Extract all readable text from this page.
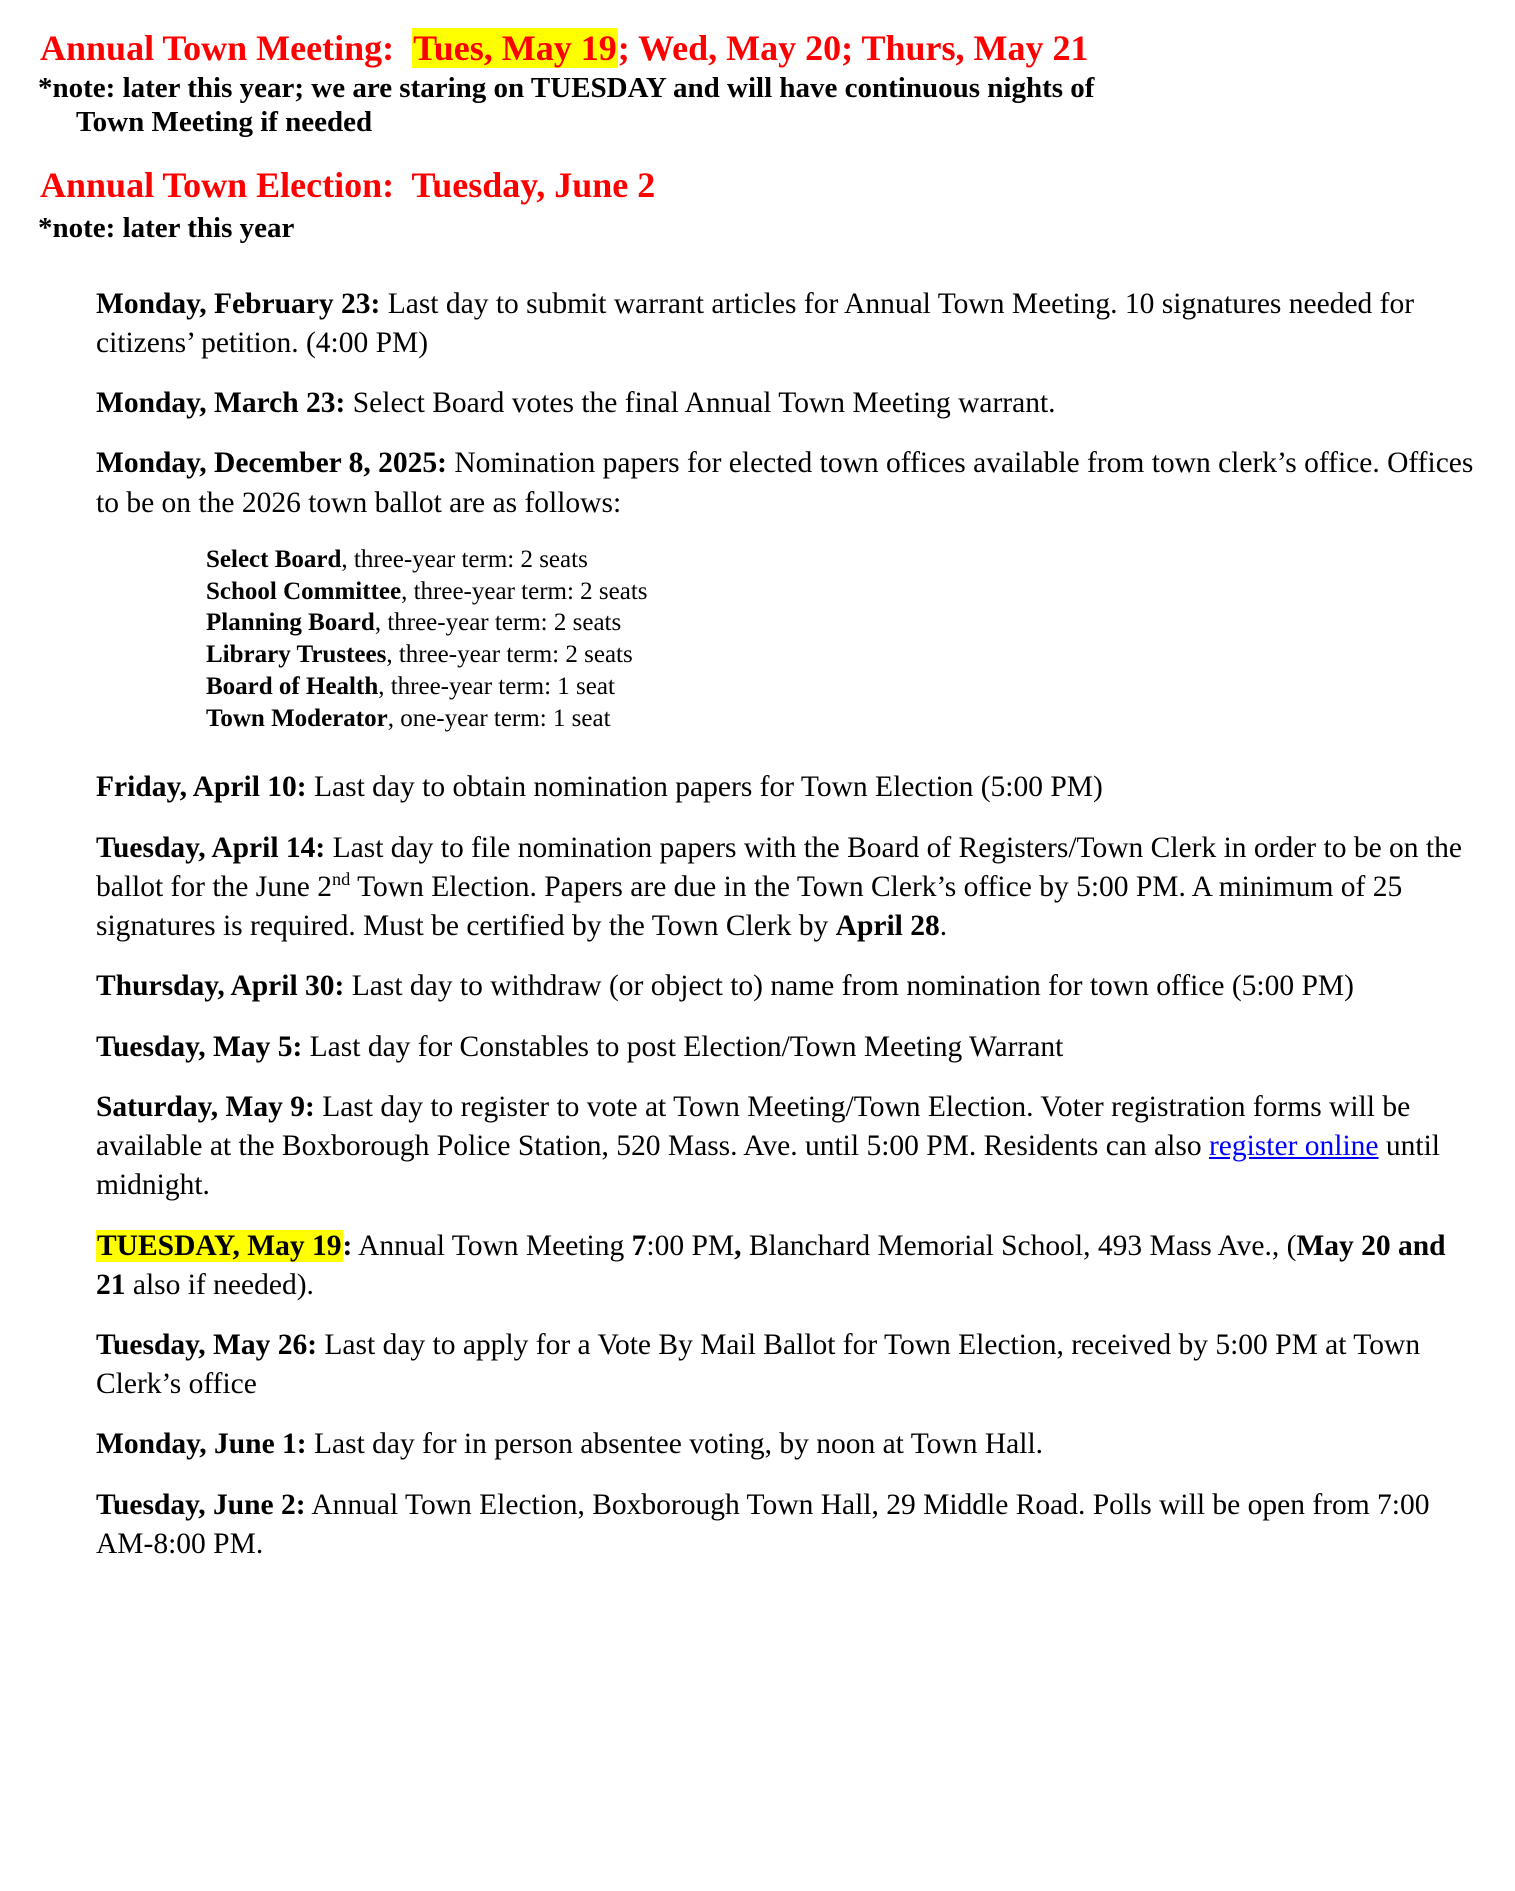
Annual Town Meeting: Tues, May 19; Wed, May 20; Thurs, May 21
*note: later this year; we are staring on TUESDAY and will have continuous nights of
Town Meeting if needed
Annual Town Election: Tuesday, June 2
*note: later this year

Monday, February 23: Last day to submit warrant articles for Annual Town Meeting. 10 signatures needed for citizens’ petition. (4:00 PM)

Monday, March 23: Select Board votes the final Annual Town Meeting warrant.

Monday, December 8, 2025: Nomination papers for elected town offices available from town clerk’s office. Offices to be on the 2026 town ballot are as follows:

Select Board, three-year term: 2 seats
School Committee, three-year term: 2 seats
Planning Board, three-year term: 2 seats
Library Trustees, three-year term: 2 seats
Board of Health, three-year term: 1 seat
Town Moderator, one-year term: 1 seat

Friday, April 10: Last day to obtain nomination papers for Town Election (5:00 PM)

Tuesday, April 14: Last day to file nomination papers with the Board of Registers/Town Clerk in order to be on the ballot for the June 2nd Town Election. Papers are due in the Town Clerk’s office by 5:00 PM. A minimum of 25 signatures is required. Must be certified by the Town Clerk by April 28.

Thursday, April 30: Last day to withdraw (or object to) name from nomination for town office (5:00 PM)

Tuesday, May 5: Last day for Constables to post Election/Town Meeting Warrant

Saturday, May 9: Last day to register to vote at Town Meeting/Town Election. Voter registration forms will be available at the Boxborough Police Station, 520 Mass. Ave. until 5:00 PM. Residents can also register online until midnight.

TUESDAY, May 19: Annual Town Meeting 7:00 PM, Blanchard Memorial School, 493 Mass Ave., (May 20 and 21 also if needed).

Tuesday, May 26: Last day to apply for a Vote By Mail Ballot for Town Election, received by 5:00 PM at Town Clerk’s office

Monday, June 1: Last day for in person absentee voting, by noon at Town Hall.

Tuesday, June 2: Annual Town Election, Boxborough Town Hall, 29 Middle Road. Polls will be open from 7:00 AM-8:00 PM.
